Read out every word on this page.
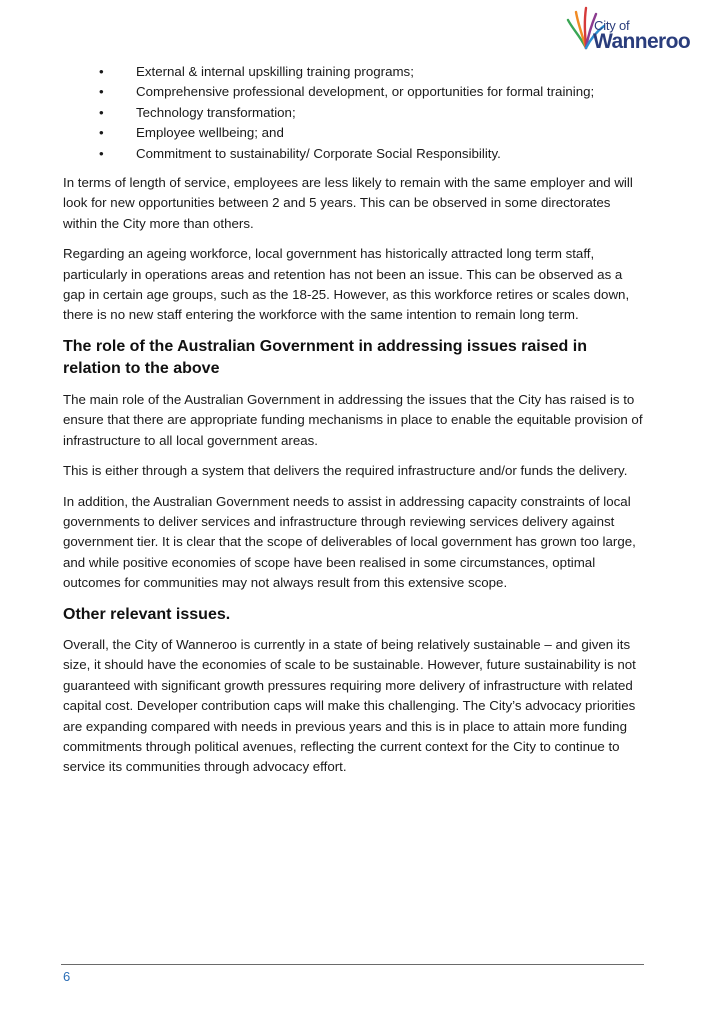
City of
Wanneroo
• External & internal upskilling training programs;
• Comprehensive professional development, or opportunities for formal training;
• Technology transformation;
• Employee wellbeing; and
• Commitment to sustainability/ Corporate Social Responsibility.

In terms of length of service, employees are less likely to remain with the same employer and will look for new opportunities between 2 and 5 years. This can be observed in some directorates within the City more than others.

Regarding an ageing workforce, local government has historically attracted long term staff, particularly in operations areas and retention has not been an issue. This can be observed as a gap in certain age groups, such as the 18-25. However, as this workforce retires or scales down, there is no new staff entering the workforce with the same intention to remain long term.

The role of the Australian Government in addressing issues raised in relation to the above

The main role of the Australian Government in addressing the issues that the City has raised is to ensure that there are appropriate funding mechanisms in place to enable the equitable provision of infrastructure to all local government areas.

This is either through a system that delivers the required infrastructure and/or funds the delivery.

In addition, the Australian Government needs to assist in addressing capacity constraints of local governments to deliver services and infrastructure through reviewing services delivery against government tier. It is clear that the scope of deliverables of local government has grown too large, and while positive economies of scope have been realised in some circumstances, optimal outcomes for communities may not always result from this extensive scope.

Other relevant issues.

Overall, the City of Wanneroo is currently in a state of being relatively sustainable – and given its size, it should have the economies of scale to be sustainable. However, future sustainability is not guaranteed with significant growth pressures requiring more delivery of infrastructure with related capital cost. Developer contribution caps will make this challenging. The City’s advocacy priorities are expanding compared with needs in previous years and this is in place to attain more funding commitments through political avenues, reflecting the current context for the City to continue to service its communities through advocacy effort.

6
